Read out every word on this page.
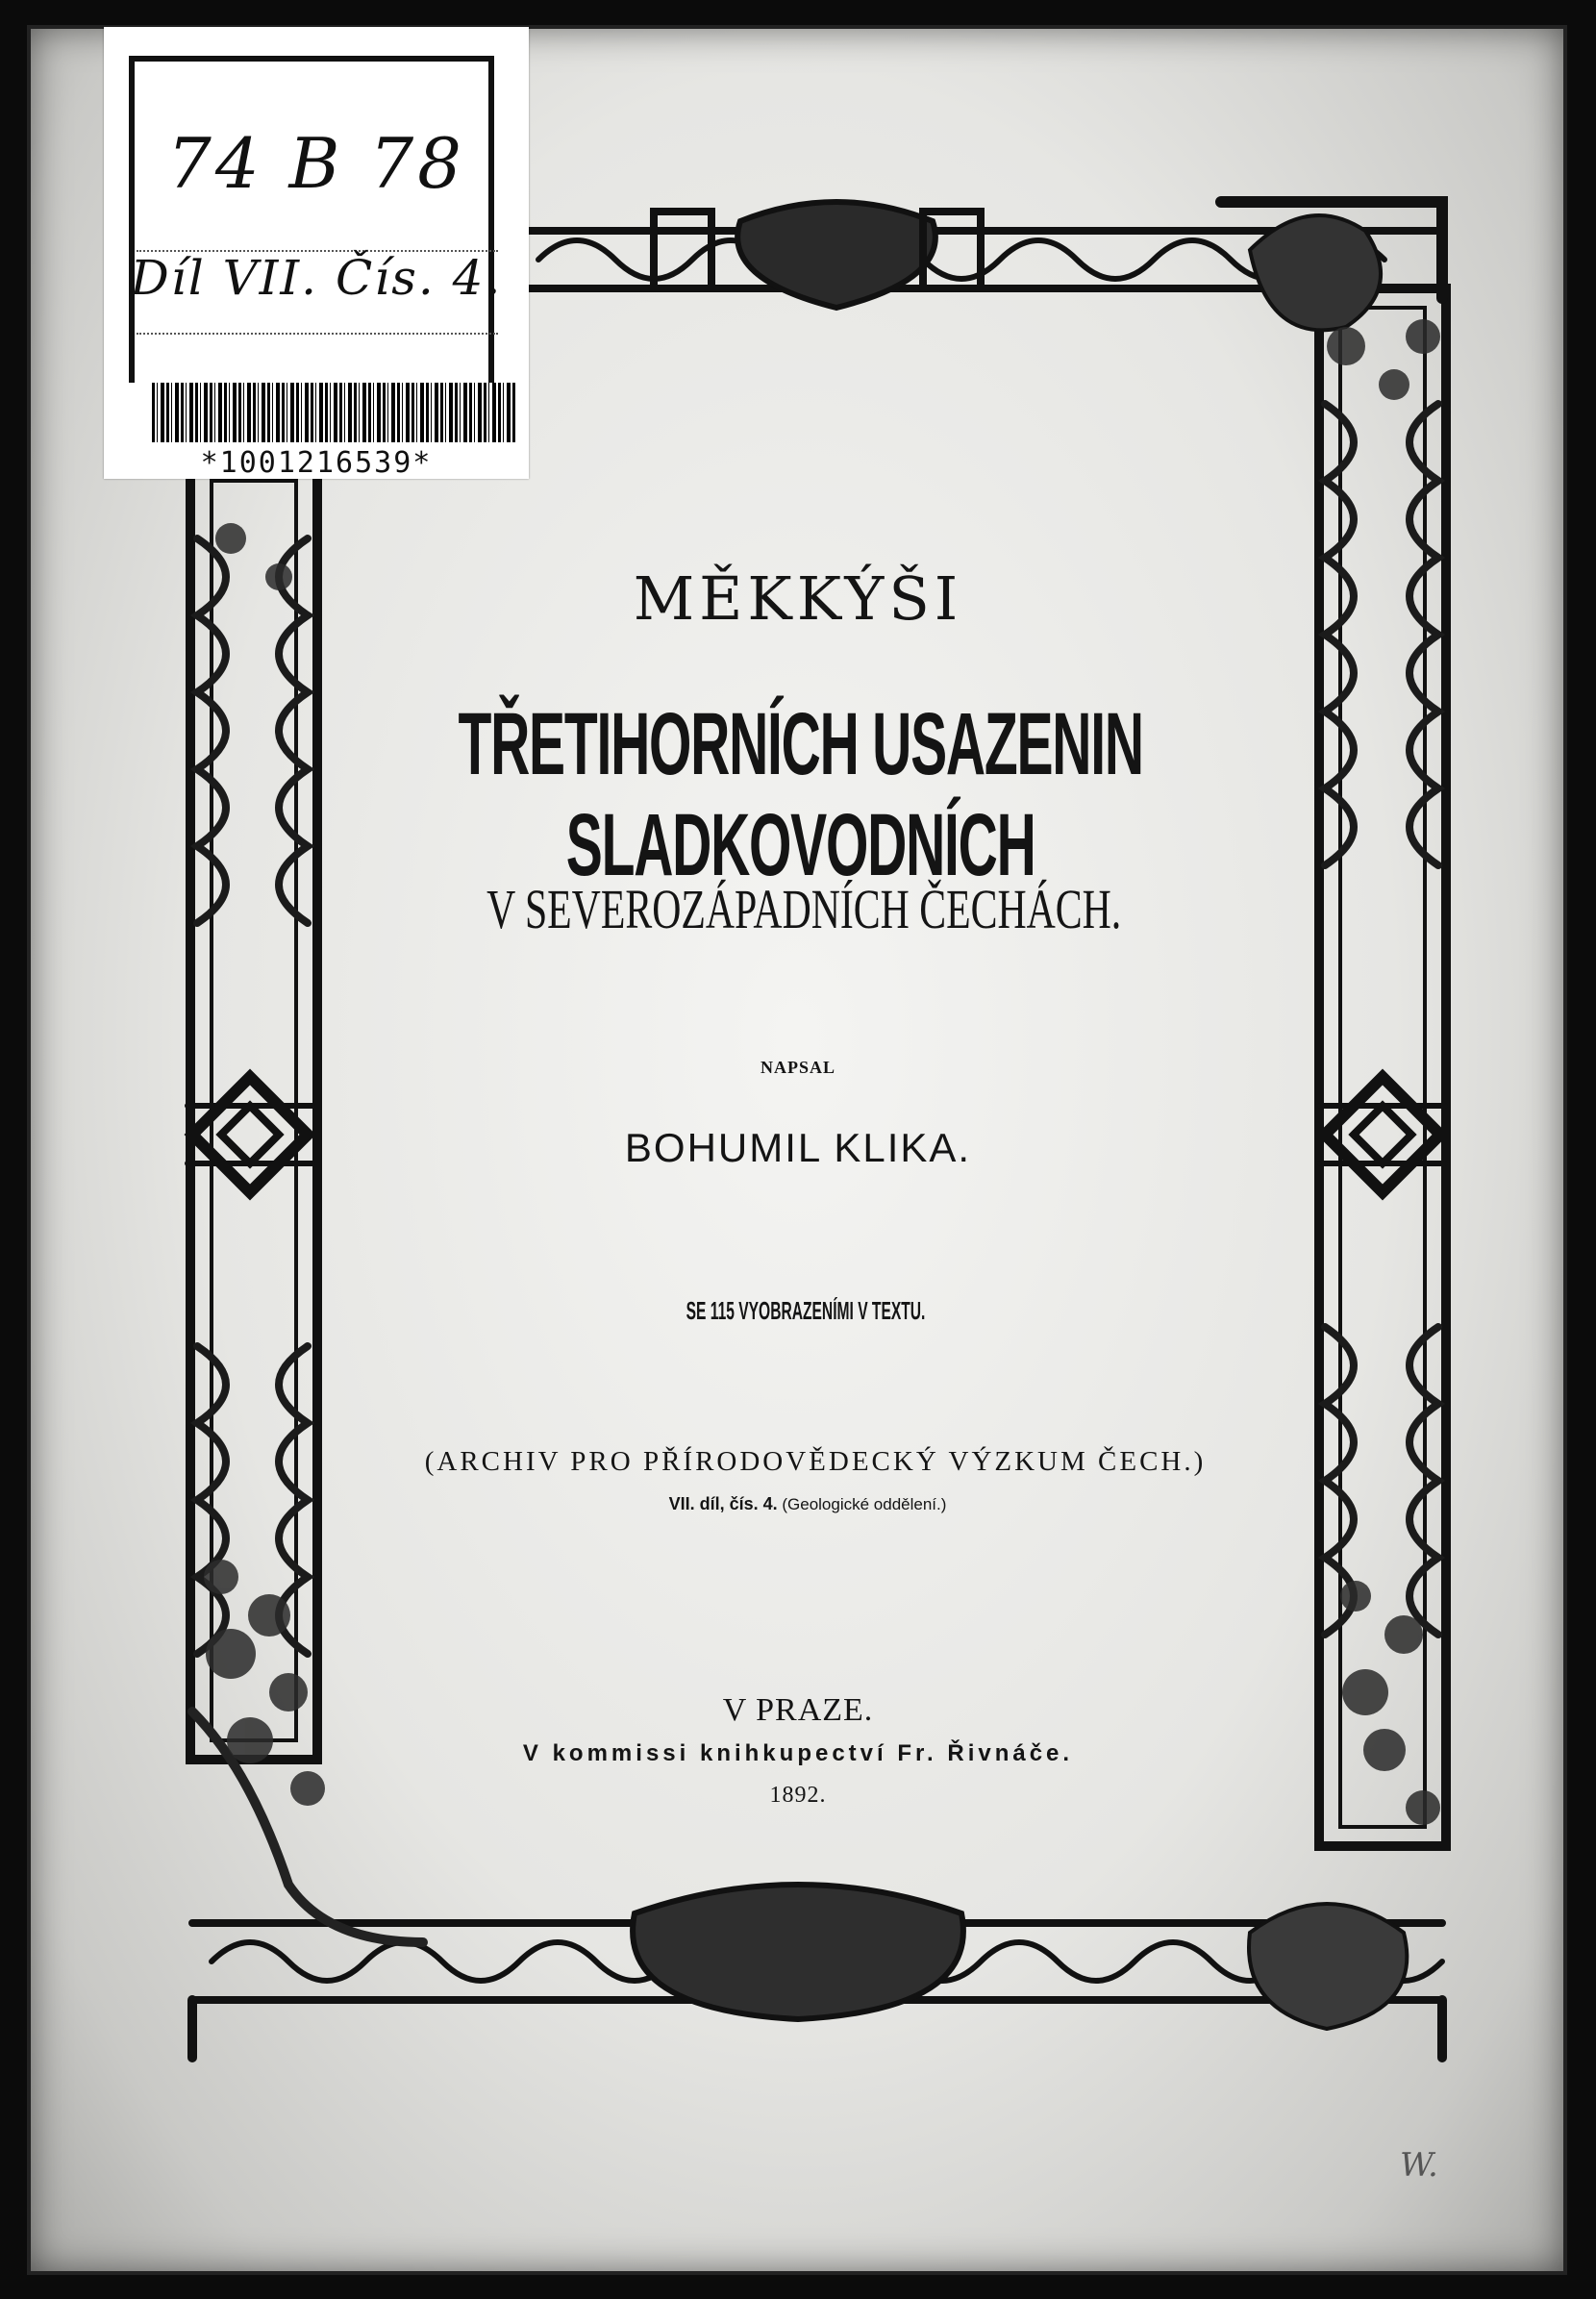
74 B 78
Díl VII. Čís. 4.
*1001216539*
MĚKKÝŠI
TŘETIHORNÍCH USAZENIN SLADKOVODNÍCH
V SEVEROZÁPADNÍCH ČECHÁCH.
NAPSAL
BOHUMIL KLIKA.
SE 115 VYOBRAZENÍMI V TEXTU.
(ARCHIV PRO PŘÍRODOVĚDECKÝ VÝZKUM ČECH.)
VII. díl, čís. 4. (Geologické oddělení.)
V PRAZE.
V kommissi knihkupectví Fr. Řivnáče.
1892.
W.
